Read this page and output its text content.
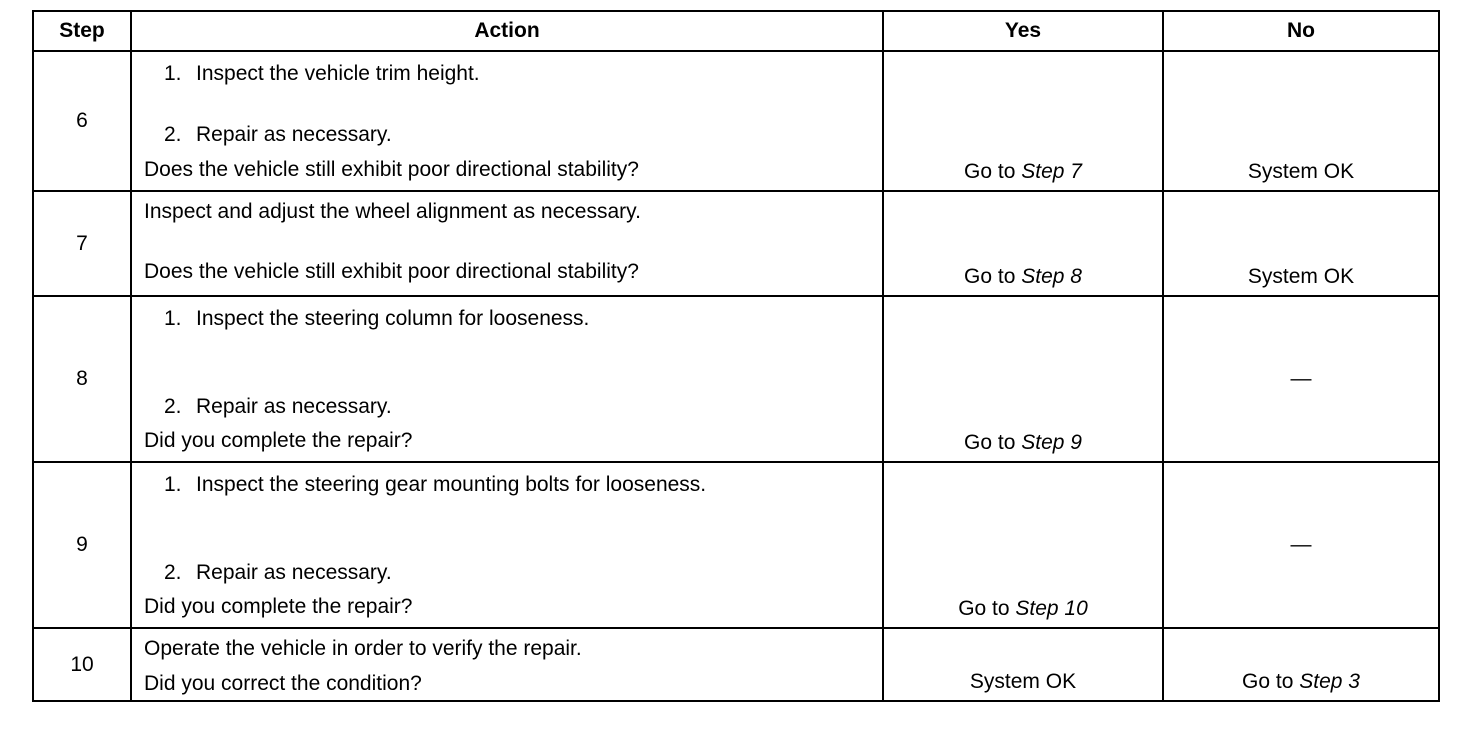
Step	Action	Yes	No
6	1. Inspect the vehicle trim height.
2. Repair as necessary.
Does the vehicle still exhibit poor directional stability?	Go to Step 7	System OK

7	Inspect and adjust the wheel alignment as necessary.
Does the vehicle still exhibit poor directional stability?	Go to Step 8	System OK

8	1. Inspect the steering column for looseness.
2. Repair as necessary.
Did you complete the repair?	Go to Step 9	—
9	1. Inspect the steering gear mounting bolts for looseness.
2. Repair as necessary.
Did you complete the repair?	Go to Step 10	—
10	Operate the vehicle in order to verify the repair.
Did you correct the condition?	System OK	Go to Step 3
